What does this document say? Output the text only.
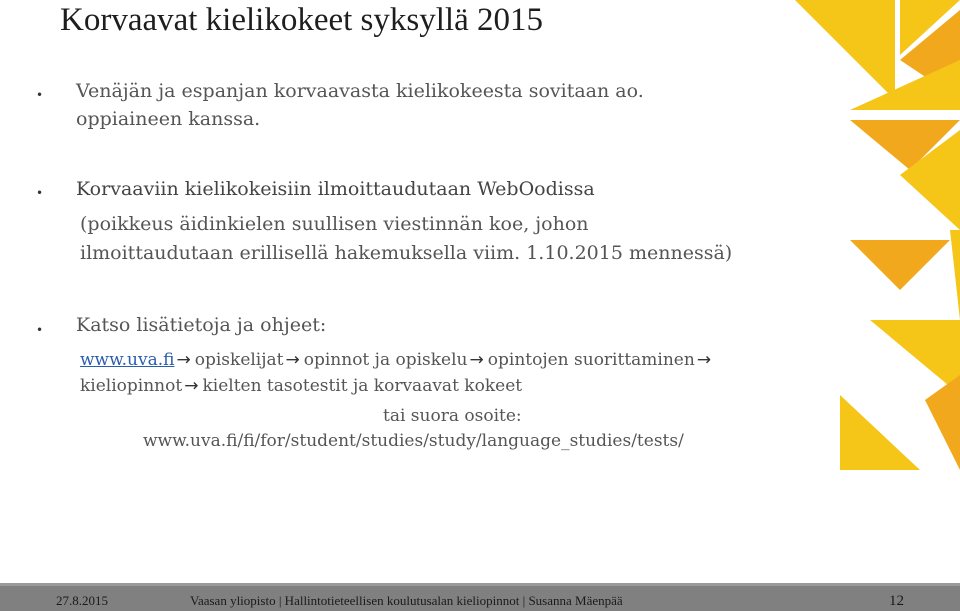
Korvaavat kielikokeet syksyllä 2015
• Venäjän ja espanjan korvaavasta kielikokeesta sovitaan ao.
oppiaineen kanssa.
• Korvaaviin kielikokeisiin ilmoittaudutaan WebOodissa
(poikkeus äidinkielen suullisen viestinnän koe, johon
ilmoittaudutaan erillisellä hakemuksella viim. 1.10.2015 mennessä)
• Katso lisätietoja ja ohjeet:
www.uva.fi → opiskelijat → opinnot ja opiskelu → opintojen suorittaminen →
kieliopinnot → kielten tasotestit ja korvaavat kokeet
tai suora osoite:
www.uva.fi/fi/for/student/studies/study/language_studies/tests/
27.8.2015	Vaasan yliopisto | Hallintotieteellisen koulutusalan kieliopinnot | Susanna Mäenpää	12
